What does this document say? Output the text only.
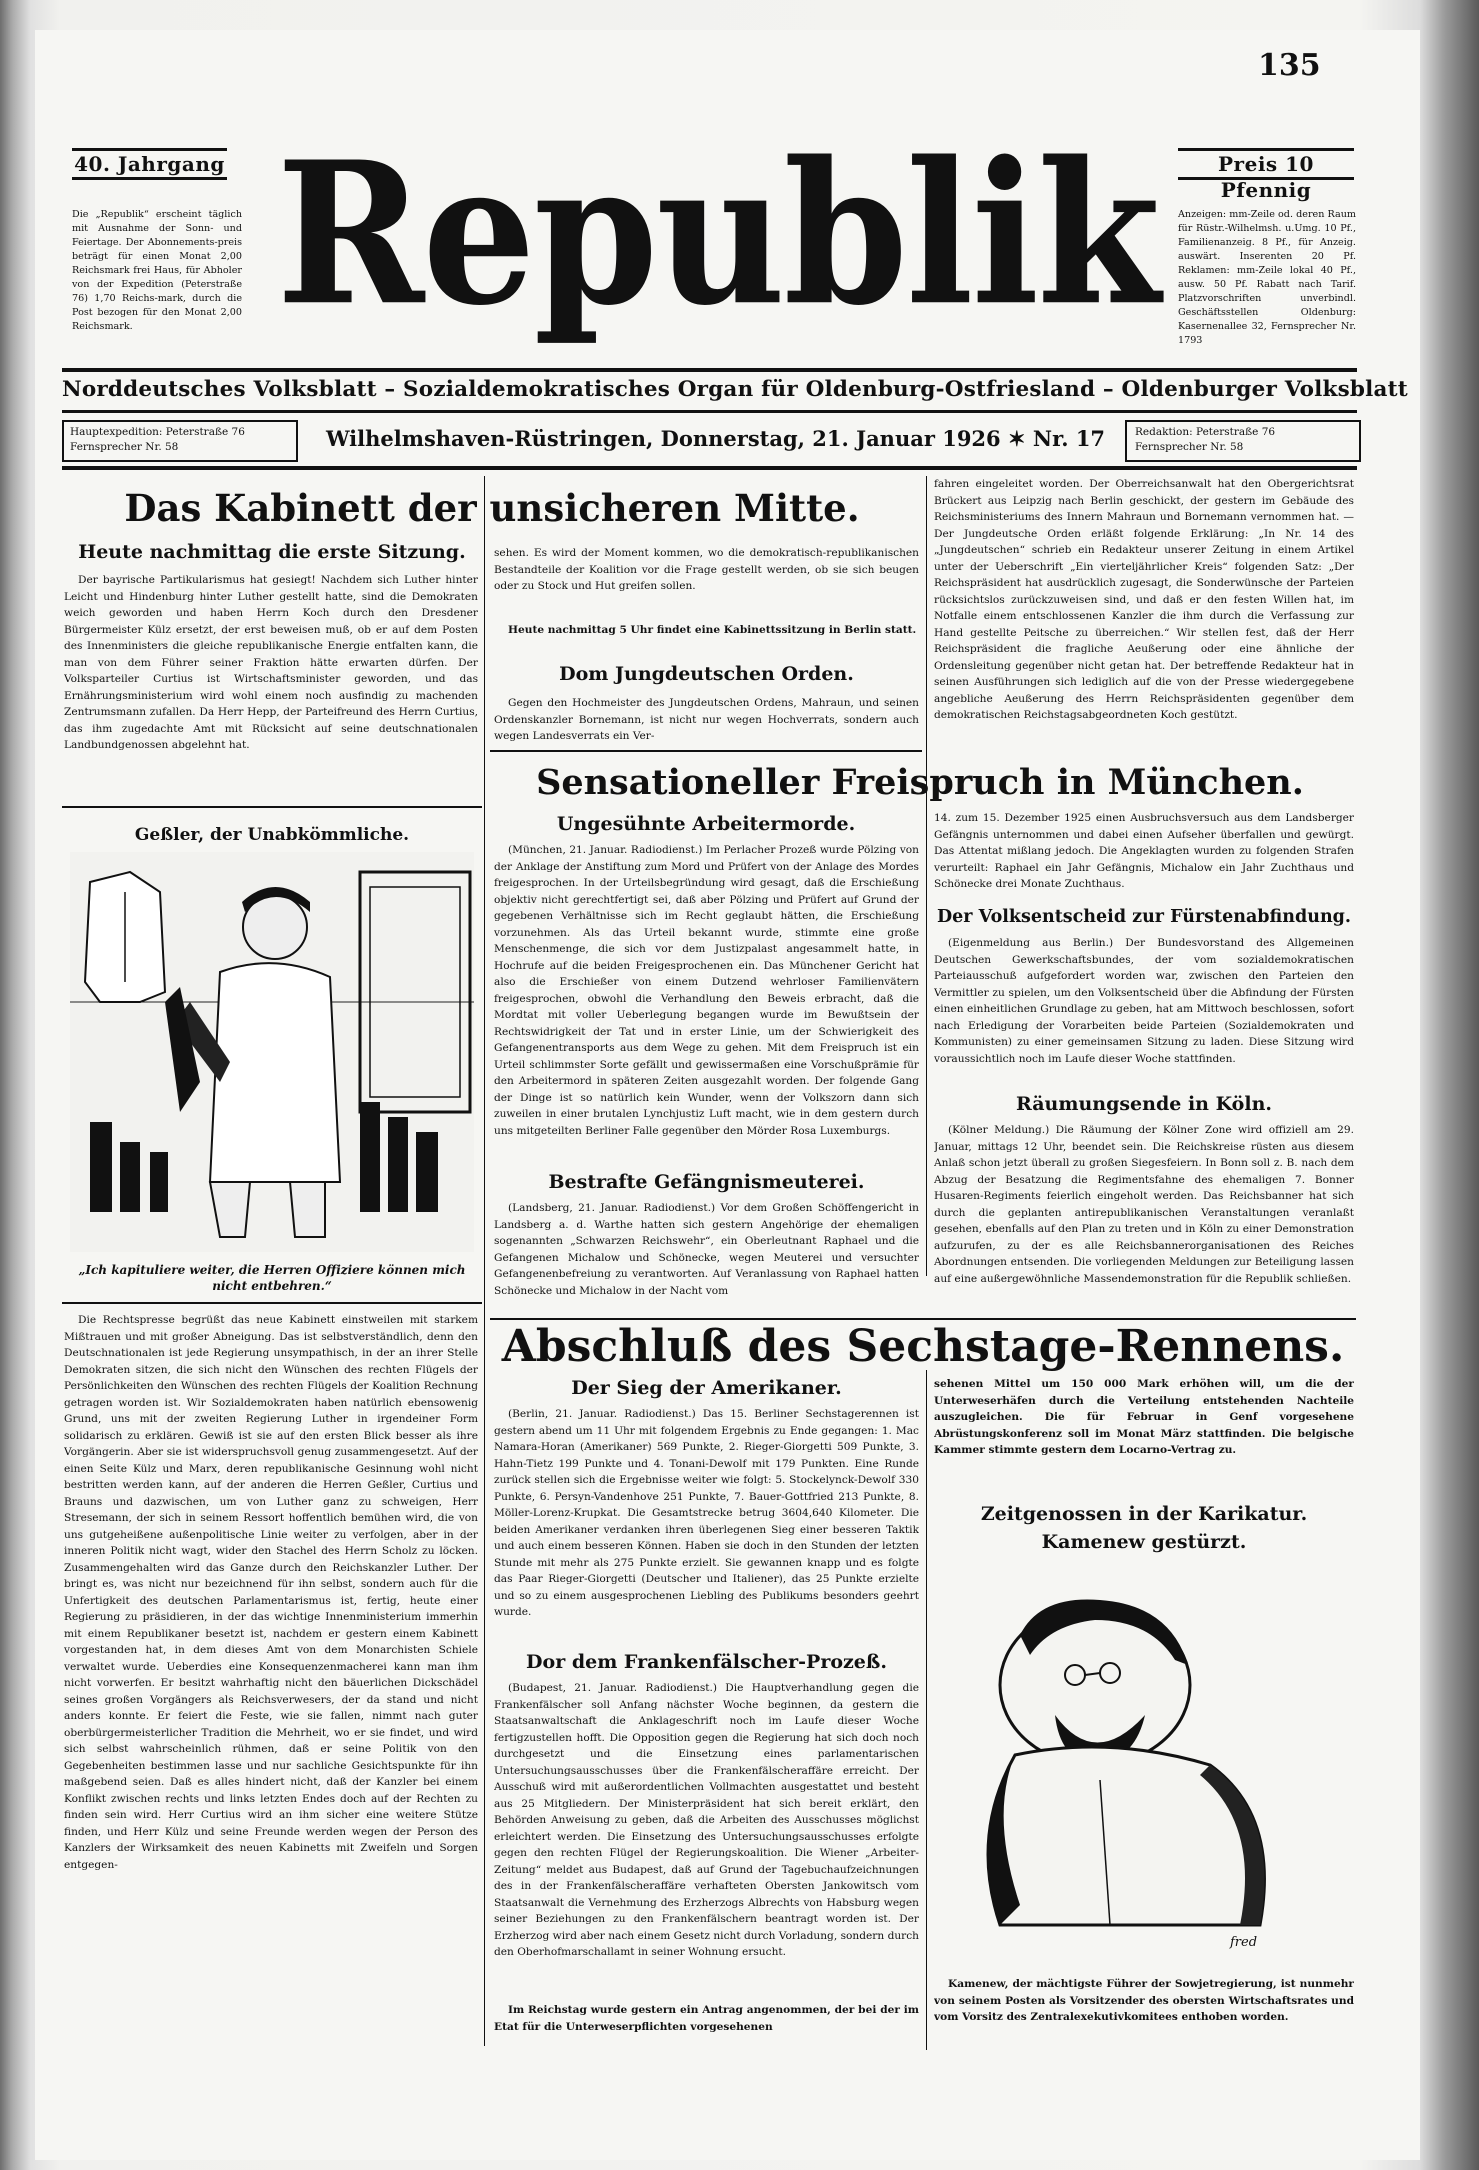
135
40. Jahrgang	Preis 10 Pfennig
Die „Republik“ erscheint täglich mit Ausnahme der Sonn- und Feiertage. Der Abonnements-preis beträgt für einen Monat 2,00 Reichsmark frei Haus, für Abholer von der Expedition (Peterstraße 76) 1,70 Reichs-mark, durch die Post bezogen für den Monat 2,00 Reichsmark.
Anzeigen: mm-Zeile od. deren Raum für Rüstr.-Wilhelmsh. u.Umg. 10 Pf., Familienanzeig. 8 Pf., für Anzeig. auswärt. Inserenten 20 Pf. Reklamen: mm-Zeile lokal 40 Pf., ausw. 50 Pf. Rabatt nach Tarif. Platzvorschriften unverbindl. Geschäftsstellen Oldenburg: Kasernenallee 32, Fernsprecher Nr. 1793
Republik
Norddeutsches Volksblatt – Sozialdemokratisches Organ für Oldenburg-Ostfriesland – Oldenburger Volksblatt
Hauptexpedition: Peterstraße 76
Fernsprecher Nr. 58	Wilhelmshaven-Rüstringen, Donnerstag, 21. Januar 1926 ✶ Nr. 17	Redaktion: Peterstraße 76
Fernsprecher Nr. 58
Das Kabinett der unsicheren Mitte.
Heute nachmittag die erste Sitzung.

Der bayrische Partikularismus hat gesiegt! Nachdem sich Luther hinter Leicht und Hindenburg hinter Luther gestellt hatte, sind die Demokraten weich geworden und haben Herrn Koch durch den Dresdener Bürgermeister Külz ersetzt, der erst beweisen muß, ob er auf dem Posten des Innenministers die gleiche republikanische Energie entfalten kann, die man von dem Führer seiner Fraktion hätte erwarten dürfen. Der Volksparteiler Curtius ist Wirtschaftsminister geworden, und das Ernährungsministerium wird wohl einem noch ausfindig zu machenden Zentrumsmann zufallen. Da Herr Hepp, der Parteifreund des Herrn Curtius, das ihm zugedachte Amt mit Rücksicht auf seine deutschnationalen Landbundgenossen abgelehnt hat.

sehen. Es wird der Moment kommen, wo die demokratisch-republikanischen Bestandteile der Koalition vor die Frage gestellt werden, ob sie sich beugen oder zu Stock und Hut greifen sollen.

Heute nachmittag 5 Uhr findet eine Kabinettssitzung in Berlin statt.

Dom Jungdeutschen Orden.

Gegen den Hochmeister des Jungdeutschen Ordens, Mahraun, und seinen Ordenskanzler Bornemann, ist nicht nur wegen Hochverrats, sondern auch wegen Landesverrats ein Ver-

Geßler, der Unabkömmliche.
„Ich kapituliere weiter, die Herren Offiziere können mich nicht entbehren.“

Die Rechtspresse begrüßt das neue Kabinett einstweilen mit starkem Mißtrauen und mit großer Abneigung. Das ist selbstverständlich, denn den Deutschnationalen ist jede Regierung unsympathisch, in der an ihrer Stelle Demokraten sitzen, die sich nicht den Wünschen des rechten Flügels der Persönlichkeiten den Wünschen des rechten Flügels der Koalition Rechnung getragen worden ist. Wir Sozialdemokraten haben natürlich ebensowenig Grund, uns mit der zweiten Regierung Luther in irgendeiner Form solidarisch zu erklären. Gewiß ist sie auf den ersten Blick besser als ihre Vorgängerin. Aber sie ist widerspruchsvoll genug zusammengesetzt. Auf der einen Seite Külz und Marx, deren republikanische Gesinnung wohl nicht bestritten werden kann, auf der anderen die Herren Geßler, Curtius und Brauns und dazwischen, um von Luther ganz zu schweigen, Herr Stresemann, der sich in seinem Ressort hoffentlich bemühen wird, die von uns gutgeheißene außenpolitische Linie weiter zu verfolgen, aber in der inneren Politik nicht wagt, wider den Stachel des Herrn Scholz zu löcken. Zusammengehalten wird das Ganze durch den Reichskanzler Luther. Der bringt es, was nicht nur bezeichnend für ihn selbst, sondern auch für die Unfertigkeit des deutschen Parlamentarismus ist, fertig, heute einer Regierung zu präsidieren, in der das wichtige Innenministerium immerhin mit einem Republikaner besetzt ist, nachdem er gestern einem Kabinett vorgestanden hat, in dem dieses Amt von dem Monarchisten Schiele verwaltet wurde. Ueberdies eine Konsequenzenmacherei kann man ihm nicht vorwerfen. Er besitzt wahrhaftig nicht den bäuerlichen Dickschädel seines großen Vorgängers als Reichsverwesers, der da stand und nicht anders konnte. Er feiert die Feste, wie sie fallen, nimmt nach guter oberbürgermeisterlicher Tradition die Mehrheit, wo er sie findet, und wird sich selbst wahrscheinlich rühmen, daß er seine Politik von den Gegebenheiten bestimmen lasse und nur sachliche Gesichtspunkte für ihn maßgebend seien. Daß es alles hindert nicht, daß der Kanzler bei einem Konflikt zwischen rechts und links letzten Endes doch auf der Rechten zu finden sein wird. Herr Curtius wird an ihm sicher eine weitere Stütze finden, und Herr Külz und seine Freunde werden wegen der Person des Kanzlers der Wirksamkeit des neuen Kabinetts mit Zweifeln und Sorgen entgegen-

Sensationeller Freispruch in München.
Ungesühnte Arbeitermorde.

(München, 21. Januar. Radiodienst.) Im Perlacher Prozeß wurde Pölzing von der Anklage der Anstiftung zum Mord und Prüfert von der Anlage des Mordes freigesprochen. In der Urteilsbegründung wird gesagt, daß die Erschießung objektiv nicht gerechtfertigt sei, daß aber Pölzing und Prüfert auf Grund der gegebenen Verhältnisse sich im Recht geglaubt hätten, die Erschießung vorzunehmen. Als das Urteil bekannt wurde, stimmte eine große Menschenmenge, die sich vor dem Justizpalast angesammelt hatte, in Hochrufe auf die beiden Freigesprochenen ein. Das Münchener Gericht hat also die Erschießer von einem Dutzend wehrloser Familienvätern freigesprochen, obwohl die Verhandlung den Beweis erbracht, daß die Mordtat mit voller Ueberlegung begangen wurde im Bewußtsein der Rechtswidrigkeit der Tat und in erster Linie, um der Schwierigkeit des Gefangenentransports aus dem Wege zu gehen. Mit dem Freispruch ist ein Urteil schlimmster Sorte gefällt und gewissermaßen eine Vorschußprämie für den Arbeitermord in späteren Zeiten ausgezahlt worden. Der folgende Gang der Dinge ist so natürlich kein Wunder, wenn der Volkszorn dann sich zuweilen in einer brutalen Lynchjustiz Luft macht, wie in dem gestern durch uns mitgeteilten Berliner Falle gegenüber den Mörder Rosa Luxemburgs.

Bestrafte Gefängnismeuterei.

(Landsberg, 21. Januar. Radiodienst.) Vor dem Großen Schöffengericht in Landsberg a. d. Warthe hatten sich gestern Angehörige der ehemaligen sogenannten „Schwarzen Reichswehr“, ein Oberleutnant Raphael und die Gefangenen Michalow und Schönecke, wegen Meuterei und versuchter Gefangenenbefreiung zu verantworten. Auf Veranlassung von Raphael hatten Schönecke und Michalow in der Nacht vom

fahren eingeleitet worden. Der Oberreichsanwalt hat den Obergerichtsrat Brückert aus Leipzig nach Berlin geschickt, der gestern im Gebäude des Reichsministeriums des Innern Mahraun und Bornemann vernommen hat. — Der Jungdeutsche Orden erläßt folgende Erklärung: „In Nr. 14 des „Jungdeutschen“ schrieb ein Redakteur unserer Zeitung in einem Artikel unter der Ueberschrift „Ein vierteljährlicher Kreis“ folgenden Satz: „Der Reichspräsident hat ausdrücklich zugesagt, die Sonderwünsche der Parteien rücksichtslos zurückzuweisen sind, und daß er den festen Willen hat, im Notfalle einem entschlossenen Kanzler die ihm durch die Verfassung zur Hand gestellte Peitsche zu überreichen.“ Wir stellen fest, daß der Herr Reichspräsident die fragliche Aeußerung oder eine ähnliche der Ordensleitung gegenüber nicht getan hat. Der betreffende Redakteur hat in seinen Ausführungen sich lediglich auf die von der Presse wiedergegebene angebliche Aeußerung des Herrn Reichspräsidenten gegenüber dem demokratischen Reichstagsabgeordneten Koch gestützt.

14. zum 15. Dezember 1925 einen Ausbruchsversuch aus dem Landsberger Gefängnis unternommen und dabei einen Aufseher überfallen und gewürgt. Das Attentat mißlang jedoch. Die Angeklagten wurden zu folgenden Strafen verurteilt: Raphael ein Jahr Gefängnis, Michalow ein Jahr Zuchthaus und Schönecke drei Monate Zuchthaus.

Der Volksentscheid zur Fürstenabfindung.

(Eigenmeldung aus Berlin.) Der Bundesvorstand des Allgemeinen Deutschen Gewerkschaftsbundes, der vom sozialdemokratischen Parteiausschuß aufgefordert worden war, zwischen den Parteien den Vermittler zu spielen, um den Volksentscheid über die Abfindung der Fürsten einen einheitlichen Grundlage zu geben, hat am Mittwoch beschlossen, sofort nach Erledigung der Vorarbeiten beide Parteien (Sozialdemokraten und Kommunisten) zu einer gemeinsamen Sitzung zu laden. Diese Sitzung wird voraussichtlich noch im Laufe dieser Woche stattfinden.

Räumungsende in Köln.

(Kölner Meldung.) Die Räumung der Kölner Zone wird offiziell am 29. Januar, mittags 12 Uhr, beendet sein. Die Reichskreise rüsten aus diesem Anlaß schon jetzt überall zu großen Siegesfeiern. In Bonn soll z. B. nach dem Abzug der Besatzung die Regimentsfahne des ehemaligen 7. Bonner Husaren-Regiments feierlich eingeholt werden. Das Reichsbanner hat sich durch die geplanten antirepublikanischen Veranstaltungen veranlaßt gesehen, ebenfalls auf den Plan zu treten und in Köln zu einer Demonstration aufzurufen, zu der es alle Reichsbannerorganisationen des Reiches Abordnungen entsenden. Die vorliegenden Meldungen zur Beteiligung lassen auf eine außergewöhnliche Massendemonstration für die Republik schließen.

Abschluß des Sechstage-Rennens.
Der Sieg der Amerikaner.

(Berlin, 21. Januar. Radiodienst.) Das 15. Berliner Sechstagerennen ist gestern abend um 11 Uhr mit folgendem Ergebnis zu Ende gegangen: 1. Mac Namara-Horan (Amerikaner) 569 Punkte, 2. Rieger-Giorgetti 509 Punkte, 3. Hahn-Tietz 199 Punkte und 4. Tonani-Dewolf mit 179 Punkten. Eine Runde zurück stellen sich die Ergebnisse weiter wie folgt: 5. Stockelynck-Dewolf 330 Punkte, 6. Persyn-Vandenhove 251 Punkte, 7. Bauer-Gottfried 213 Punkte, 8. Möller-Lorenz-Krupkat. Die Gesamtstrecke betrug 3604,640 Kilometer. Die beiden Amerikaner verdanken ihren überlegenen Sieg einer besseren Taktik und auch einem besseren Können. Haben sie doch in den Stunden der letzten Stunde mit mehr als 275 Punkte erzielt. Sie gewannen knapp und es folgte das Paar Rieger-Giorgetti (Deutscher und Italiener), das 25 Punkte erzielte und so zu einem ausgesprochenen Liebling des Publikums besonders geehrt wurde.

Dor dem Frankenfälscher-Prozeß.

(Budapest, 21. Januar. Radiodienst.) Die Hauptverhandlung gegen die Frankenfälscher soll Anfang nächster Woche beginnen, da gestern die Staatsanwaltschaft die Anklageschrift noch im Laufe dieser Woche fertigzustellen hofft. Die Opposition gegen die Regierung hat sich doch noch durchgesetzt und die Einsetzung eines parlamentarischen Untersuchungsausschusses über die Frankenfälscheraffäre erreicht. Der Ausschuß wird mit außerordentlichen Vollmachten ausgestattet und besteht aus 25 Mitgliedern. Der Ministerpräsident hat sich bereit erklärt, den Behörden Anweisung zu geben, daß die Arbeiten des Ausschusses möglichst erleichtert werden. Die Einsetzung des Untersuchungsausschusses erfolgte gegen den rechten Flügel der Regierungskoalition. Die Wiener „Arbeiter-Zeitung“ meldet aus Budapest, daß auf Grund der Tagebuchaufzeichnungen des in der Frankenfälscheraffäre verhafteten Obersten Jankowitsch vom Staatsanwalt die Vernehmung des Erzherzogs Albrechts von Habsburg wegen seiner Beziehungen zu den Frankenfälschern beantragt worden ist. Der Erzherzog wird aber nach einem Gesetz nicht durch Vorladung, sondern durch den Oberhofmarschallamt in seiner Wohnung ersucht.

Im Reichstag wurde gestern ein Antrag angenommen, der bei der im Etat für die Unterweserpflichten vorgesehenen

sehenen Mittel um 150 000 Mark erhöhen will, um die der Unterweserhäfen durch die Verteilung entstehenden Nachteile auszugleichen. Die für Februar in Genf vorgesehene Abrüstungskonferenz soll im Monat März stattfinden. Die belgische Kammer stimmte gestern dem Locarno-Vertrag zu.

Zeitgenossen in der Karikatur.
Kamenew gestürzt.
fred

Kamenew, der mächtigste Führer der Sowjetregierung, ist nunmehr von seinem Posten als Vorsitzender des obersten Wirtschaftsrates und vom Vorsitz des Zentralexekutivkomitees enthoben worden.
